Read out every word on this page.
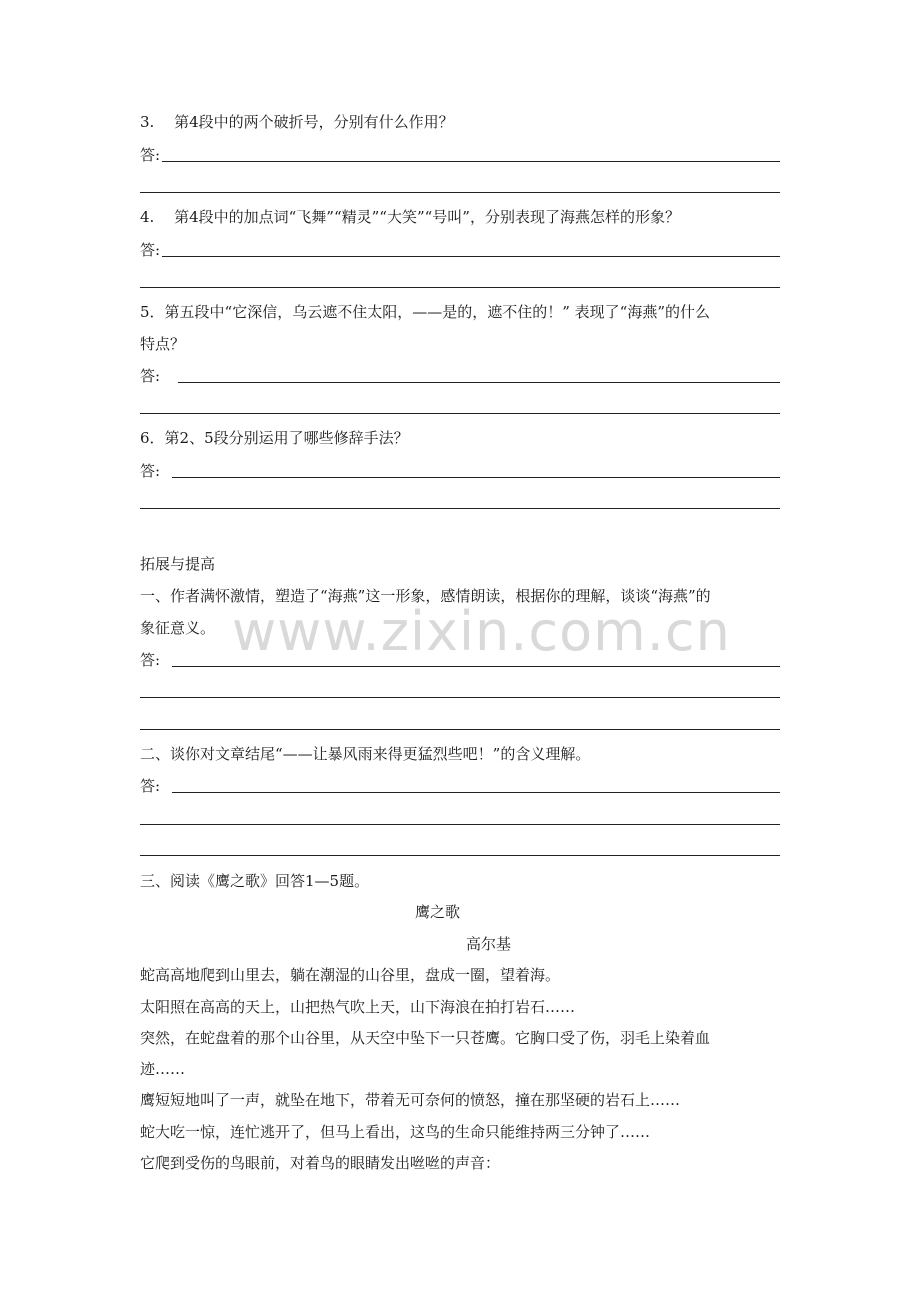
www.zixin.com.cn
3.　 第4段中的两个破折号，分别有什么作用？
答:
4.　 第4段中的加点词“飞舞”“精灵”“大笑”“号叫”，分别表现了海燕怎样的形象？
答:
5．第五段中“它深信，乌云遮不住太阳，——是的，遮不住的！” 表现了“海燕”的什么
特点？
答:
6．第2、5段分别运用了哪些修辞手法？
答:
拓展与提高
一、作者满怀激情，塑造了“海燕”这一形象，感情朗读，根据你的理解，谈谈“海燕”的
象征意义。
答:
二、谈你对文章结尾“——让暴风雨来得更猛烈些吧！”的含义理解。
答:
三、阅读《鹰之歌》回答1—5题。
鹰之歌
高尔基
蛇高高地爬到山里去，躺在潮湿的山谷里，盘成一圈，望着海。
太阳照在高高的天上，山把热气吹上天，山下海浪在拍打岩石……
突然，在蛇盘着的那个山谷里，从天空中坠下一只苍鹰。它胸口受了伤，羽毛上染着血
迹……
鹰短短地叫了一声，就坠在地下，带着无可奈何的愤怒，撞在那坚硬的岩石上……
蛇大吃一惊，连忙逃开了，但马上看出，这鸟的生命只能维持两三分钟了……
它爬到受伤的鸟眼前，对着鸟的眼睛发出咝咝的声音：
